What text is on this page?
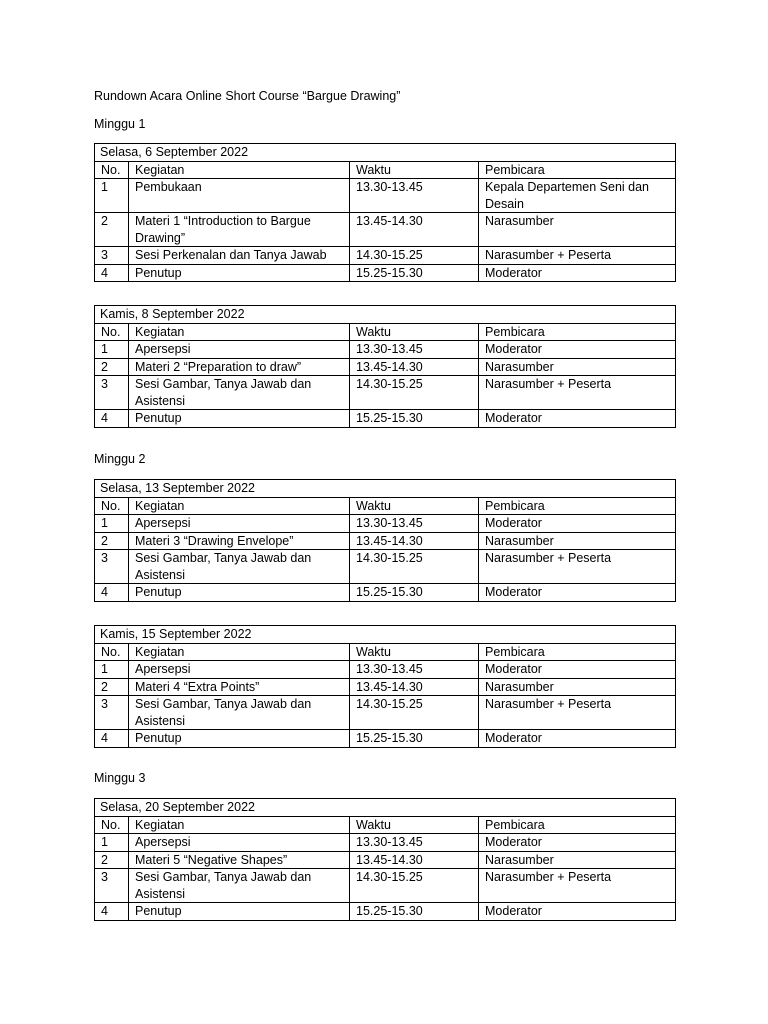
Rundown Acara Online Short Course “Bargue Drawing”
Minggu 1
Selasa, 6 September 2022			
No.	Kegiatan	Waktu	Pembicara
1	Pembukaan	13.30-13.45	Kepala Departemen Seni dan Desain
2	Materi 1 “Introduction to Bargue Drawing”	13.45-14.30	Narasumber
3	Sesi Perkenalan dan Tanya Jawab	14.30-15.25	Narasumber + Peserta
4	Penutup	15.25-15.30	Moderator
Kamis, 8 September 2022			
No.	Kegiatan	Waktu	Pembicara
1	Apersepsi	13.30-13.45	Moderator
2	Materi 2 “Preparation to draw”	13.45-14.30	Narasumber
3	Sesi Gambar, Tanya Jawab dan Asistensi	14.30-15.25	Narasumber + Peserta
4	Penutup	15.25-15.30	Moderator
Minggu 2
Selasa, 13 September 2022			
No.	Kegiatan	Waktu	Pembicara
1	Apersepsi	13.30-13.45	Moderator
2	Materi 3 “Drawing Envelope”	13.45-14.30	Narasumber
3	Sesi Gambar, Tanya Jawab dan Asistensi	14.30-15.25	Narasumber + Peserta
4	Penutup	15.25-15.30	Moderator
Kamis, 15 September 2022			
No.	Kegiatan	Waktu	Pembicara
1	Apersepsi	13.30-13.45	Moderator
2	Materi 4 “Extra Points”	13.45-14.30	Narasumber
3	Sesi Gambar, Tanya Jawab dan Asistensi	14.30-15.25	Narasumber + Peserta
4	Penutup	15.25-15.30	Moderator
Minggu 3
Selasa, 20 September 2022			
No.	Kegiatan	Waktu	Pembicara
1	Apersepsi	13.30-13.45	Moderator
2	Materi 5 “Negative Shapes”	13.45-14.30	Narasumber
3	Sesi Gambar, Tanya Jawab dan Asistensi	14.30-15.25	Narasumber + Peserta
4	Penutup	15.25-15.30	Moderator
